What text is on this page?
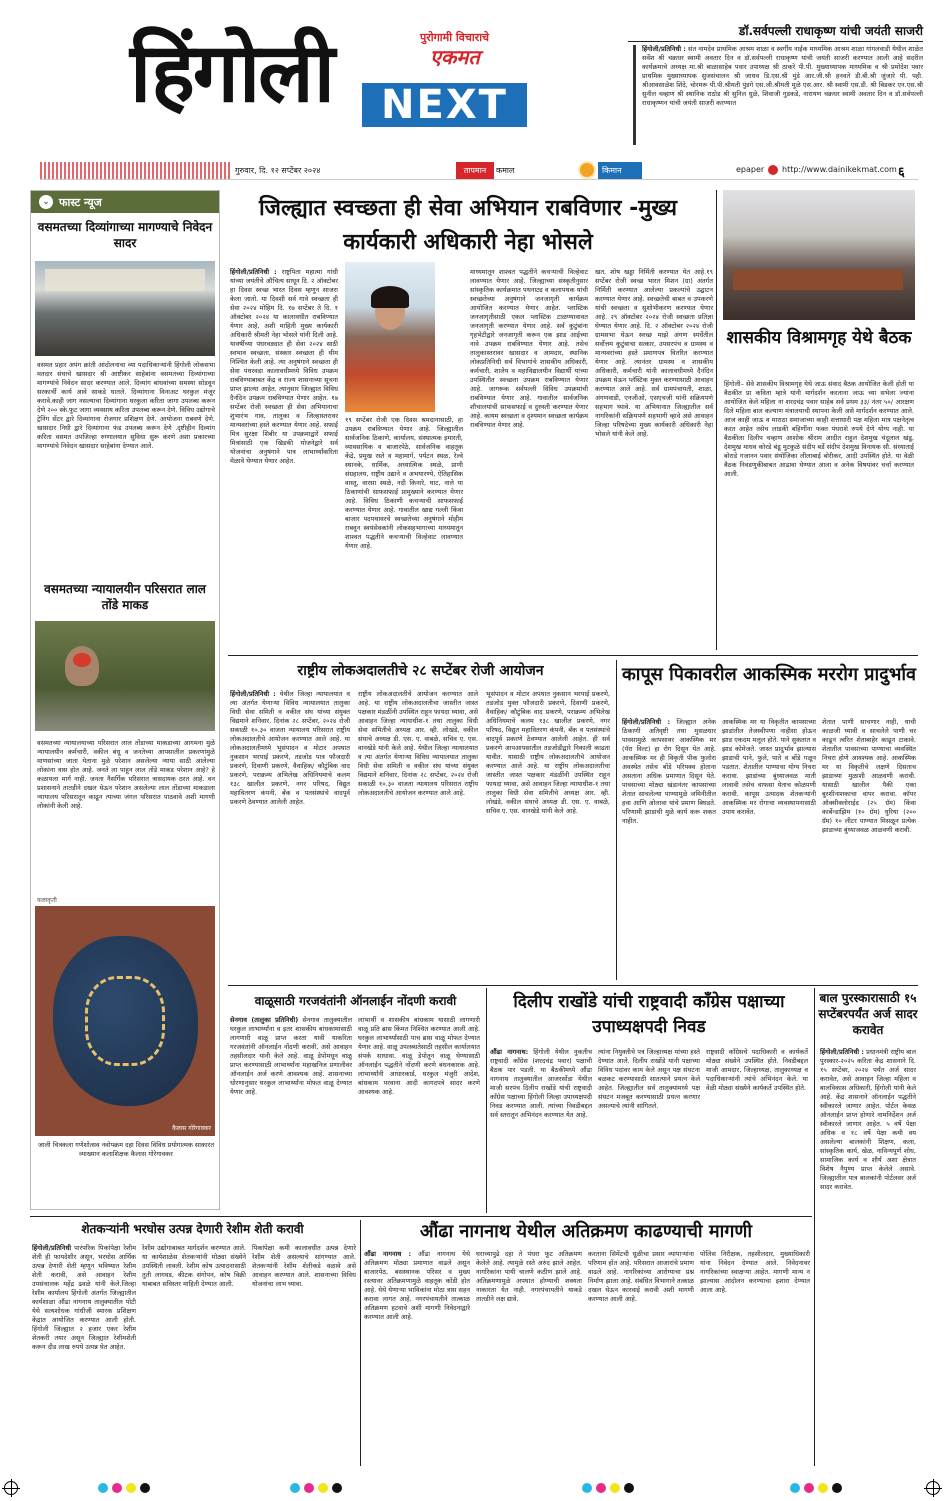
हिंगोली	पुरोगामी विचाराचे
एकमत
NEXT
डॉ.सर्वपल्ली राधाकृष्ण यांची जयंती साजरी
हिंगोली/प्रतिनिधी : संत नामदेव प्राथमिक आश्रम शाळा व स्वर्गीय नाईक माध्यमिक आश्रम शाळा गांगलवाडी येथील शाळेत सर्वेश श्री चक्रधर स्वामी अवतार दिन व डॉ.सर्वपल्ली राधाकृष्ण यांची जयंती साजरी करण्यात आली आहे सदरील कार्यक्रमाचे अध्यक्ष मा.श्री बाळासाहेब पवार उपाध्यक्ष श्री ठाकरे पी.पी. मुख्याध्यापक माध्यमिक व श्री प्रमोदेश पवार प्राथमिक मुख्याध्यापक सुजसंचालन श्री जाधव डि.एस.श्री मुंडे आर.जी.श्री हनवते डी.बी.श्री जुंजारे पी. पही. श्रीआवसाळेश शिंदे, चोरमरू पी.पी.श्रीमती पुंडगे एस.जी.श्रीमती मुळे एस.आर. श्री स्वामी एस.डी. श्री बिडकर एन.एस.श्री सुनील चव्हाण श्री स्थानिक राठोड श्री सुनिल धुळे, शिवाजी गुडकडे, नारायण चक्रधर स्वामी अवतार दिन व डॉ.सर्वपल्ली राधाकृष्णन यांची जयंती साजरी करण्यात
गुरुवार, दि. १२ सप्टेंबर २०२४	तापमान	कमाल	किमान	epaper http://www.dainikekmat.com ६
⌄ फास्ट न्यूज
वसमतच्या दिव्यांगाच्या मागण्याचे निवेदन सादर
वसमत प्रहार अपंग क्रांती आंदोलनाचा व्या पदाधिकाऱ्यांनी हिंगोली लोकसभा मतदार संघाचे खासदार श्री आष्टीकर साहेबांना वसमतच्या दिव्यांगाच्या मागण्यांचे निवेदन सादर करण्यात आले. दिव्यांग बांधवांच्या समस्या सोडवून सरकार्ची कार्य आवे साकडे घातले. दिव्यांगाना विनाअट घरकुल मंजूर करावे.काही जाग नसल्याचा दिव्यांगाना घरकुला करिता जागा उपलब्ध करून देणे २०० स्के.फुट जागा व्यवसाय करिता उपलब्ध करून देणे. विविध उद्योगाचे ट्रेनिंग सेंटर द्वारे दिव्यांगाना रोजगार प्रशिक्षण देणे. आयोजना राबवणे देणे. खासदार निधी द्वारे दिव्यांगाना फंड उपलब्ध करून देणे .दृष्टीहीन दिव्यांग करिता वसमत उपजिल्हा रुग्णालयात सुविधा सुरू करणे अशा प्रकारच्या मागण्यांचे निवेदन खासदार साहेबांना देण्यात आले.
वसमतच्या न्यायालयीन परिसरात लाल तोंडे माकड
वसमतच्या न्यायालयाच्या परिसरात लाल तोंडाच्या माकडाच्या आगमना मुळे न्यायालयीन कर्मचारी, वकील बंधू व जनतेच्या आपसातील प्रकरणांमुळे माणसांच्या जाता येताना मुळे परेशान असलेल्या न्याया साठी आलेल्या लोकांना त्रास होत आहे. जनते ला पाहून लाल तोंडे माकड परेशान आहे? हे कळायला मार्ग नाही. जनता नैसर्गिक परिसरात त्रासदायक ठरत आहे. वन प्रशासनाने तातडीने दखल घेऊन परेशान असलेल्या लाल तोंडाच्या माकडाला न्यायालय परिसरातून काढून त्याच्या जंगल परिसरात पाठवावे अशी मागणी लोकांनी केली आहे.
कलाकृती
कैलास गोरेगावकर
जाली चित्रकला गणेशोत्सव नवोपक्रम दहा दिवस विविध प्रयोगात्मक साकारत व्याख्यान कलाशिक्षक कैलास गोरेगावकर
जिल्ह्यात स्वच्छता ही सेवा अभियान राबविणार -मुख्य कार्यकारी अधिकारी नेहा भोसले
हिंगोली/प्रतिनिधी : राष्ट्रपिता महात्मा गांधी यांच्या जयंतीचे औचित्य साधून दि. २ ऑक्टोबर हा दिवस स्वच्छ भारत दिवस म्हणून साजरा केला जातो. या दिवशी सर्व गावे स्वच्छता ही सेवा २०२४ मोहिम दि. १७ सप्टेंबर ते दि. १ ऑक्टोबर २०२४ या कालावधीत राबविण्यात येणार आहे, अशी माहिती मुख्य कार्यकारी अधिकारी श्रीमती नेहा भोसले यांनी दिली आहे. यावर्षीच्या पंधरवड्यात ही सेवा २०२४ साठी स्वभाव स्वच्छता, संस्कार स्वच्छता ही थीम निश्चित केली आहे. त्या अनुषंगाने स्वच्छता ही सेवा पंधरवडा कालावधीमध्ये विविध उपक्रम राबविण्याबाबत केंद्र व राज्य शासनाच्या सूचना प्राप्त झाल्या आहेत. त्यानुसार जिल्ह्यात विविध दैनंदिन उपक्रम राबविण्यात येणार आहेत. १७ सप्टेंबर रोजी स्वच्छता ही सेवा अभियानाचा शुभारंभ गाव, तालुका व जिल्हास्तरावर मान्यवरांच्या हस्ते करण्यात येणार आहे. सफाई मित्र सुरक्षा शिबीर या उपक्रमाद्वारे सफाई मित्रांसाठी एक खिडकी योजनेद्वारे सर्व योजनांचा अनुषंगाने पात्र लाभार्थ्यांकरिता मेळावे घेण्यात येणार आहेत.
१९ सप्टेंबर रोजी एक दिवस श्रमदानासाठी, हा उपक्रम राबविण्यात येणार आहे. जिल्ह्यातील सार्वजनिक ठिकाणे, कार्यालय, संस्थात्मक इमारती, व्यावसायिक व बाजारपेठे, सार्वजनिक वाहतूक केंद्रे, प्रमुख रस्ते व महामार्ग, पर्यटन स्थळ, रेल्वे स्थानके, धार्मिक, अध्यात्मिक स्थळे, प्राणी संग्रहालय, राष्ट्रीय उद्याने व अभयारण्ये, ऐतिहासिक वास्तू, वारसा स्थळे, नदी किनारे, घाट, नाले या ठिकाणांची साफसफाई प्रामुख्याने करण्यात येणार आहे. विविध ठिकाणी कचऱ्याची साफसफाई करण्यात येणार आहे. गावातील खाद्य गल्ली किंवा बाजार पदपथावरचे स्वच्छतेच्या अनुषंगाने मोहीम राबवून स्वयंसेवकांनी लोकसहभागाच्या माध्यमातून शाश्वत पद्धतीने कचऱ्याची विल्हेवाट लावण्यात येणार आहे.
माध्यमातून शाश्वत पद्धतीने कचऱ्याची विल्हेवाट लावण्यात येणार आहे. जिल्ह्याच्या संस्कृतीनुसार सांस्कृतिक कार्यक्रमात पथनाट्य व कलापथक यांची स्वच्छतेच्या अनुषंगाने जनजागृती कार्यक्रम आयोजित करण्यात येणार आहेत. प्लास्टिक जनजागृतीसाठी एकल प्लास्टिक टाळण्यावावत जनजागृती करण्यात येणार आहे. सर्व कुटुंबांना गृहभेटीद्वारे जनजागृती करून एक झाड आईच्या नावे उपक्रम राबविण्यात येणार आहे. तसेच तालुकास्तरावर खासदार व आमदार, स्थानिक लोकप्रतिनिधी सर्व विभागांचे शासकीय अधिकारी, कर्मचारी, शालेय व महाविद्यालयीन विद्यार्थी यांच्या उपस्थितीत स्वच्छता उपक्रम राबविण्यात येणार आहे. जागरूक सर्वपल्ली विविध उपक्रमांची राबविण्यात येणार आहे. गावातील सार्वजनिक शौचालयांची साफसफाई व दुरुस्ती करण्यात येणार आहे. कायम स्वच्छता व दृश्यमान स्वच्छता कार्यक्रम राबविण्यात येणार आहे.
खत, शोष खड्डा निर्मिती करण्यात येत आहे.१९ सप्टेंबर रोजी स्वच्छ भारत मिशन (ग्रा) अंतर्गत निर्मिती करण्यात आलेल्या प्रकल्पांचे उद्घाटन करण्यात येणार आहे. स्वच्छतेची बाबत व उपकरणे यांची स्वच्छता व सुशोभीकरण करण्यात येणार आहे. २९ ऑक्टोबर २०२४ रोजी स्वच्छता प्रतिज्ञा घेण्यात येणार आहे. दि. २ ऑक्टोबर २०२४ रोजी ग्रामसभा घेऊन स्वच्छ माझे अंगण स्पर्धेतील सर्वोत्तम कुटुंबाचा सत्कार, उपसरपंच व ग्रामस्थ व मान्यवरांच्या हस्ते प्रमाणपत्र वितरित करण्यात येणार आहे. त्यानंतर ग्रामस्थ व शासकीय अधिकारी, कर्मचारी यांनी कालावधीमध्ये दैनंदिन उपक्रम घेऊन प्लॅस्टिक मुक्त करण्यासाठी आवाहन करण्यात आले आहे. सर्व ग्रामपंचायती, शाळा, अंगणवाडी, एनजीओ, एसएचजी यांनी सक्रियपणे सहभाग घ्यावे. या अभियानात जिल्ह्यातील सर्व नागरिकांनी सक्रियपणे सहभागी व्हावे असे आवाहन जिल्हा परिषदेच्या मुख्य कार्यकारी अधिकारी नेहा भोसले यांनी केले आहे.
शासकीय विश्रामगृह येथे बैठक
हिंगोली– सेवे शासकीय विश्रामगृह येथे जाऊ संवाद बैठक आयोजित केली होती या बैठकीत प्रा कविता म्हात्रे यांनी मार्गदर्शन करताना जाऊ च्या सभेला ज्यांना आयोजित केले महिला ना शरदचंद्र पवार साहेब सर्व प्रथम ३३/ नंतर ५०/ आरक्षण दिले महिला बाल कल्याण मंत्रालयाची स्थापना केली असे मार्गदर्शन करण्यात आले. आज काही जाऊ व माराठा समाजाच्या काही सत्ताधारी पक्ष महिला मात्र पक्षनेतृत्व करत आहेत तसेच लाडकी बहिणींना फक्त पंधराशे रुपये देणे योग्य नाही. या बैठकीला दिलीप चव्हाण आशोक श्रीराम आदीत राहुल देशमुख चंदूलाल खंडू, देशमुख माधव कोरडे बंडू मुटकुळे संदीप बर्डे संदीप देशमुख विनायक सौ. संध्याताई बोराडे गजानन पवार संयोजिका लीलाबाई बोरीकर, आदी उपस्थित होते. या वेळी बैठक निवडणुकीबाबत आढावा घेण्यात आला व अनेक विषयांवर चर्चा करण्यात आली.
राष्ट्रीय लोकअदालतीचे २८ सप्टेंबर रोजी आयोजन
हिंगोली/प्रतिनिधी : येथील जिल्हा न्यायालयात व त्या अंतर्गत येणाऱ्या विविध न्यायालयात तालुका विधी सेवा समिती व वकील संघ यांच्या संयुक्त विद्यमाने शनिवार, दिनांक २८ सप्टेंबर, २०२४ रोजी सकाळी १०.३० वाजता न्यायालय परिसरात राष्ट्रीय लोकअदालतीचे आयोजन करण्यात आले आहे. या लोकअदालतीमध्ये भूसंपादन व मोटार अपघात नुकसान भरपाई प्रकरणे, तडजोड पात्र फौजदारी प्रकरणे, दिवाणी प्रकरणे, वैवाहिक/ कौटुंबिक वाद प्रकरणे, पराक्रम्य अभिलेख अधिनियमाचे कलम १३८ खालील प्रकरणे, नगर परिषद, विद्युत महावितरण कंपनी, बँक व पतसंस्थांचे वादपूर्व प्रकरणे ठेवण्यात आलेली आहेत.
राष्ट्रीय लोकअदालतीचे आयोजन करण्यात आले आहे. या राष्ट्रीय लोकअदालतीचा जास्तीत जास्त पक्षकार मंडळींनी उपस्थित राहून फायदा घ्यावा, असे आवाहन जिल्हा न्यायाधीश-१ तथा तालुका विधी सेवा समितीचे अध्यक्ष आर. व्ही. लोखंडे, वकील संघाचे अध्यक्ष डी. एस. ए. वाबळे, सचिव ए. एस. वानखेडे यांनी केले आहे. येथील जिल्हा न्यायालयात व त्या अंतर्गत येणाऱ्या विविध न्यायालयात तालुका विधी सेवा समिती व वकील संघ यांच्या संयुक्त विद्यमाने शनिवार, दिनांक २८ सप्टेंबर, २०२४ रोजी सकाळी १०.३० वाजता न्यायालय परिसरात राष्ट्रीय लोकअदालतीचे आयोजन करण्यात आले आहे.
भूसंपादन व मोटार अपघात नुकसान भरपाई प्रकरणे, तडजोड युक्त फौजदारी प्रकरणे, दिवाणी प्रकरणे, वैवाहिक/ कौटुंबिक वाद प्रकरणे, पराक्रम्य अभिलेख अधिनियमाचे कलम १३८ खालील प्रकरणे, नगर परिषद, विद्युत महावितरण कंपनी, बँक व पतसंस्थांचे वादपूर्व प्रकरणे ठेवण्यात आलेली आहेत. ही सर्व प्रकरणे आपआपसातील तडजोडीद्वारे निकाली काढता यावीत. यासाठी राष्ट्रीय लोकअदालतीचे आयोजन करण्यात आले आहे. या राष्ट्रीय लोकअदालतीचा जास्तीत जास्त पक्षकार मंडळींनी उपस्थित राहून फायदा घ्यावा, असे आवाहन जिल्हा न्यायाधीश-१ तथा तालुका विधी सेवा समितीचे अध्यक्ष आर. व्ही. लोखंडे, वकील संघाचे अध्यक्ष डी. एस. ए. वाबळे, सचिव ए. एस. वानखेडे यांनी केले आहे.
कापूस पिकावरील आकस्मिक मररोग प्रादुर्भाव
हिंगोली/प्रतिनिधी : जिल्ह्यात अनेक ठिकाणी अतिवृष्टी तथा मुसळधार पावसामुळे कापसावर आकस्मिक मर (पॅरा विल्ट) हा रोग दिसून येत आहे. आकस्मिक मर ही विकृती पीक फुलोरा अवस्थेत तसेच बोंडे परिपक्व होताना असताना अधिक प्रमाणात दिसून येते. पावसाच्या मोठ्या खंडानंतर कापसाच्या शेतात साचलेल्या पाण्यामुळे जमिनीतील हवा आणि ओलावा यांचे प्रमाण बिघडते. परिणामी झाडाची मुळे कार्य करू शकत नाहीत.
आकस्मिक मर या विकृतीत कापसाच्या झाडांतील तेजस्वीपणा नाहीसा होऊन झाड एकदम मलूल होते. पाने सुकतात व झाड कोमेजते. जास्त प्रादुर्भाव झाल्यास झाडाची पाने, फुले, पाते व बोंडे गळून पडतात. शेतातील पाण्याचा योग्य निचरा करावा. झाडांच्या बुंध्याजवळ माती लावावी तसेच वाफसा येताच कोळपणी करावी. कापूस उत्पादक शेतकऱ्यांनी आकस्मिक मर रोगाचा व्यवस्थापनासाठी उपाय करावेत.
शेतात पाणी साचणार नाही, याची काळजी घ्यावी व साचलेले पाणी चर काढून त्वरित शेताबाहेर काढून टाकावे. शेतातील पावसाच्या पाण्याचा व्यवस्थित निचरा होणे आवश्यक आहे. आकस्मिक मर या विकृतीचे लक्षणे दिसताच झाडाच्या मुळाशी आळवणी करावी. यासाठी खालील पैकी एका बुरशीनाशकाचा वापर करावा. कॉपर ऑक्सीक्लोराईड (२५ ग्रॅम) किंवा कार्बेन्डाझिम (१० ग्रॅम) युरिया (२०० ग्रॅम) १० लीटर पाण्यात मिसळून प्रत्येक झाडाच्या बुंध्याजवळ आळवणी करावी.
वाळूसाठी गरजवंतांनी ऑनलाईन नोंदणी करावी
सेनगाव (तालुका प्रतिनिधी) सेनगाव तालुक्यातील घरकुल लाभार्थ्यांना व इतर शासकीय बांधकामासाठी लागणारी वाळू प्राप्त करता यावी याकरिता गरजवंतांनी ऑनलाईन नोंदणी करावी, असे आवाहन तहसीलदार यांनी केले आहे. वाळू डेपोमधून वाळू प्राप्त करण्यासाठी लाभार्थ्यांना महाखनिज प्रणालीवर ऑनलाईन अर्ज करणे आवश्यक आहे. शासनाच्या धोरणानुसार घरकुल लाभार्थ्यांना मोफत वाळू देण्यात येणार आहे.
लाभार्थी व शासकीय बांधकाम यासाठी लागणारी वाळू प्रति ब्रास किंमत निश्चित करण्यात आली आहे. घरकुल लाभार्थ्यांसाठी पाच ब्रास वाळू मोफत देण्यात येणार आहे. वाळू उपलब्धतेसाठी तहसील कार्यालयात संपर्क साधावा. वाळू डेपोतून वाळू घेण्यासाठी ऑनलाईन पद्धतीने नोंदणी करणे बंधनकारक आहे. लाभार्थ्यांनी आधारकार्ड, घरकुल मंजुरी आदेश, बांधकाम परवाना आदी कागदपत्रे सादर करणे आवश्यक आहे.
दिलीप राखोंडे यांची राष्ट्रवादी काँग्रेस पक्षाच्या उपाध्यक्षपदी निवड
औंढा नागनाथ: हिंगोली येथील नुकतीच राष्ट्रवादी काँग्रेस (शरदचंद्र पवार) पक्षाची बैठक पार पडली. या बैठकीमध्ये औंढा नागनाथ तालुक्यातील आजरसोंडा येथील माजी सरपंच दिलीप राखोंडे यांची राष्ट्रवादी काँग्रेस पक्षाच्या हिंगोली जिल्हा उपाध्यक्षपदी निवड करण्यात आली. त्यांच्या निवडीबद्दल सर्व स्तरातून अभिनंदन करण्यात येत आहे.
त्यांना नियुक्तीचे पत्र जिल्हाध्यक्ष यांच्या हस्ते देण्यात आले. दिलीप राखोंडे यांनी पक्षाच्या विविध पदांवर काम केले असून पक्ष संघटना बळकट करण्यासाठी सातत्याने प्रयत्न केले आहेत. जिल्ह्यातील सर्व तालुक्यांमध्ये पक्ष संघटन मजबूत करण्यासाठी प्रयत्न करणार असल्याचे त्यांनी सांगितले.
राष्ट्रवादी काँग्रेसचे पदाधिकारी व कार्यकर्ते मोठ्या संख्येने उपस्थित होते. निवडीबद्दल माजी आमदार, जिल्हाध्यक्ष, तालुकाध्यक्ष व पदाधिकाऱ्यांनी त्यांचे अभिनंदन केले. या वेळी मोठ्या संख्येने कार्यकर्ते उपस्थित होते.
बाल पुरस्कारासाठी १५ सप्टेंबरपर्यंत अर्ज सादर करावेत
हिंगोली/प्रतिनिधी : प्रधानमंत्री राष्ट्रीय बाल पुरस्कार-२०२५ करिता केंद्र शासनाने दि. १५ सप्टेंबर, २०२४ पर्यंत अर्ज सादर करावेत, असे आवाहन जिल्हा महिला व बालविकास अधिकारी, हिंगोली यांनी केले आहे. केंद्र शासनाने ऑनलाईन पद्धतीने स्वीकारले जाणार आहेत. पोर्टल केवळ ऑनलाईन प्राप्त होणारे नामनिर्देशन अर्ज स्वीकारले जाणार आहेत. ५ वर्षे पेक्षा अधिक व १८ वर्षे पेक्षा कमी वय असलेल्या बालकांनी शिक्षण, कला, सांस्कृतिक कार्य, खेळ, नाविन्यपूर्ण शोध, सामाजिक कार्य व शौर्य अशा क्षेत्रात विशेष नैपुण्य प्राप्त केलेले असावे. जिल्ह्यातील पात्र बालकांनी पोर्टलवर अर्ज सादर करावेत.
शेतकऱ्यांनी भरघोस उत्पन्न देणारी रेशीम शेती करावी
हिंगोली/प्रतिनिधी पारंपरिक पिकांपेक्षा रेशीम शेती ही फायदेशीर असून, भरघोस आर्थिक उत्पन्न देणारी शेती म्हणून भविष्यात रेशीम शेती करावी, असे आवाहन रेशीम उपसंचालक महेंद्र ढवळे यांनी केले.जिल्हा रेशीम कार्यालय हिंगोली अंतर्गत जिल्ह्यातील कार्यशाळा औंढा नागनाथ तालुक्यातील पोटी येथे सत्यशोधक गांधीजी स्मारक प्रशिक्षण केंद्रात आयोजित करण्यात आली होती. हिंगोली जिल्ह्यात २ हजार एकर रेशीम शेतकरी तयार असून जिल्ह्यात रेशीमशेती करून दीड लाख रुपये उत्पन्न घेत आहेत.
रेशीम उद्योगाबाबत मार्गदर्शन करण्यात आले. या कार्यशाळेस शेतकऱ्यांनी मोठ्या संख्येने उपस्थिती लावली. रेशीम कोष उत्पादनासाठी तुती लागवड, कीटक संगोपन, कोष विक्री याबाबत सविस्तर माहिती देण्यात आली.
पिकांपेक्षा कमी कालावधीत उत्पन्न देणारे रेशीम शेती असल्याचे सांगण्यात आले. शेतकऱ्यांनी रेशीम शेतीकडे वळावे असे आवाहन करण्यात आले. शासनाच्या विविध योजनांचा लाभ घ्यावा.
औंढा नागनाथ येथील अतिक्रमण काढण्याची मागणी
औंढा नागनाथ : औंढा नागनाथ येथे अतिक्रमण मोठ्या प्रमाणात वाढले असून बाजारपेठ, बसस्थानक परिसर व मुख्य रस्त्यावर अतिक्रमणामुळे वाहतूक कोंडी होत आहे. येथे येणाऱ्या भाविकांना मोठा त्रास सहन करावा लागत आहे. नगरपंचायतीने तात्काळ अतिक्रमण हटवावे अशी मागणी निवेदनाद्वारे करण्यात आली आहे.
घराच्यापुढे दहा ते पंधरा फूट अतिक्रमण केलेले आहे. त्यामुळे रस्ते अरुंद झाले आहेत. नागरिकांना पायी चालणे कठीण झाले आहे. अतिक्रमणामुळे अपघात होण्याची शक्यता नाकारता येत नाही. नगरपंचायतीने याकडे तातडीने लक्ष द्यावे.
करताना सिमेंटची धूळीचा प्रसार व्यापाऱ्यांना परिणाम होत आहे. परिसरात आजारांचे प्रमाण वाढले आहे. नागरिकांच्या आरोग्याचा प्रश्न निर्माण झाला आहे. संबंधित विभागाने तत्काळ दखल घेऊन कारवाई करावी अशी मागणी करण्यात आली आहे.
पोलिस निरीक्षक, तहसीलदार, मुख्याधिकारी यांना निवेदन देण्यात आले. निवेदनावर नागरिकांच्या स्वाक्षऱ्या आहेत. मागणी मान्य न झाल्यास आंदोलन करण्याचा इशारा देण्यात आला आहे.
